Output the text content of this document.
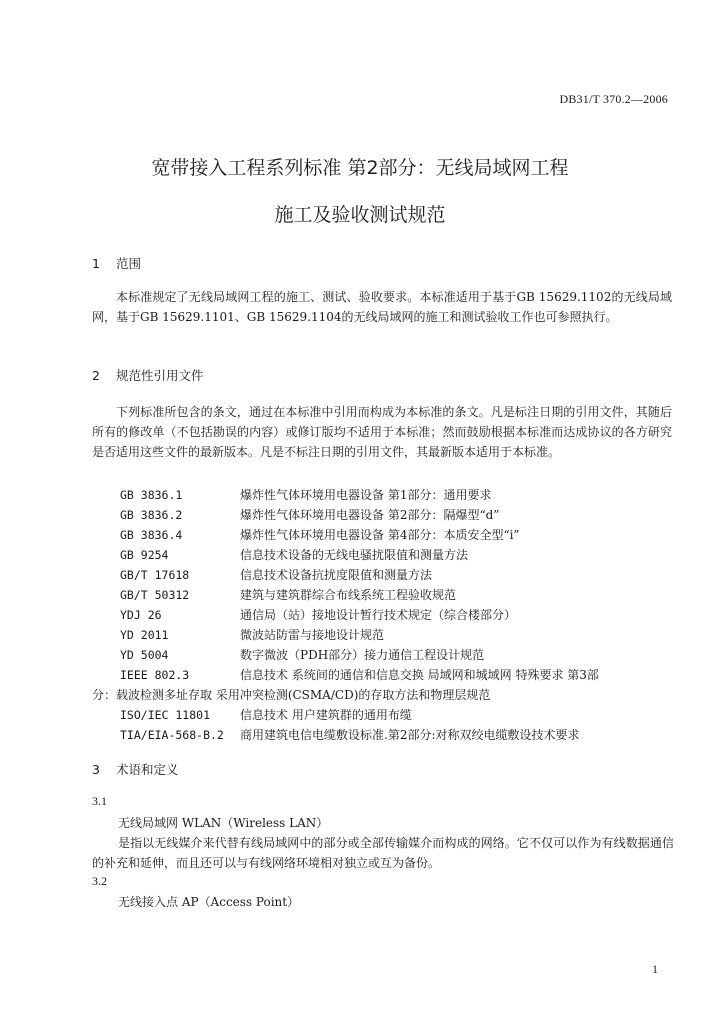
DB31/T 370.2—2006
宽带接入工程系列标准 第2部分：无线局域网工程
施工及验收测试规范
1 范围
本标准规定了无线局域网工程的施工、测试、验收要求。本标准适用于基于GB 15629.1102的无线局域网，基于GB 15629.1101、GB 15629.1104的无线局域网的施工和测试验收工作也可参照执行。
2 规范性引用文件
下列标准所包含的条文，通过在本标准中引用而构成为本标准的条文。凡是标注日期的引用文件，其随后所有的修改单（不包括勘误的内容）或修订版均不适用于本标准；然而鼓励根据本标准而达成协议的各方研究是否适用这些文件的最新版本。凡是不标注日期的引用文件，其最新版本适用于本标准。
GB 3836.1	爆炸性气体环境用电器设备 第1部分：通用要求
GB 3836.2	爆炸性气体环境用电器设备 第2部分：隔爆型“d”
GB 3836.4	爆炸性气体环境用电器设备 第4部分：本质安全型“i”
GB 9254	信息技术设备的无线电骚扰限值和测量方法
GB/T 17618	信息技术设备抗扰度限值和测量方法
GB/T 50312	建筑与建筑群综合布线系统工程验收规范
YDJ 26	通信局（站）接地设计暂行技术规定（综合楼部分）
YD 2011	微波站防雷与接地设计规范
YD 5004	数字微波（PDH部分）接力通信工程设计规范
IEEE 802.3	信息技术 系统间的通信和信息交换 局域网和城域网 特殊要求 第3部
分：载波检测多址存取 采用冲突检测(CSMA/CD)的存取方法和物理层规范
ISO/IEC 11801 信息技术 用户建筑群的通用布缆
TIA/EIA-568-B.2 商用建筑电信电缆敷设标准.第2部分:对称双绞电缆敷设技术要求
3 术语和定义
3.1
无线局域网 WLAN（Wireless LAN）
是指以无线媒介来代替有线局域网中的部分或全部传输媒介而构成的网络。它不仅可以作为有线数据通信的补充和延伸，而且还可以与有线网络环境相对独立或互为备份。
3.2
无线接入点 AP（Access Point）
1
